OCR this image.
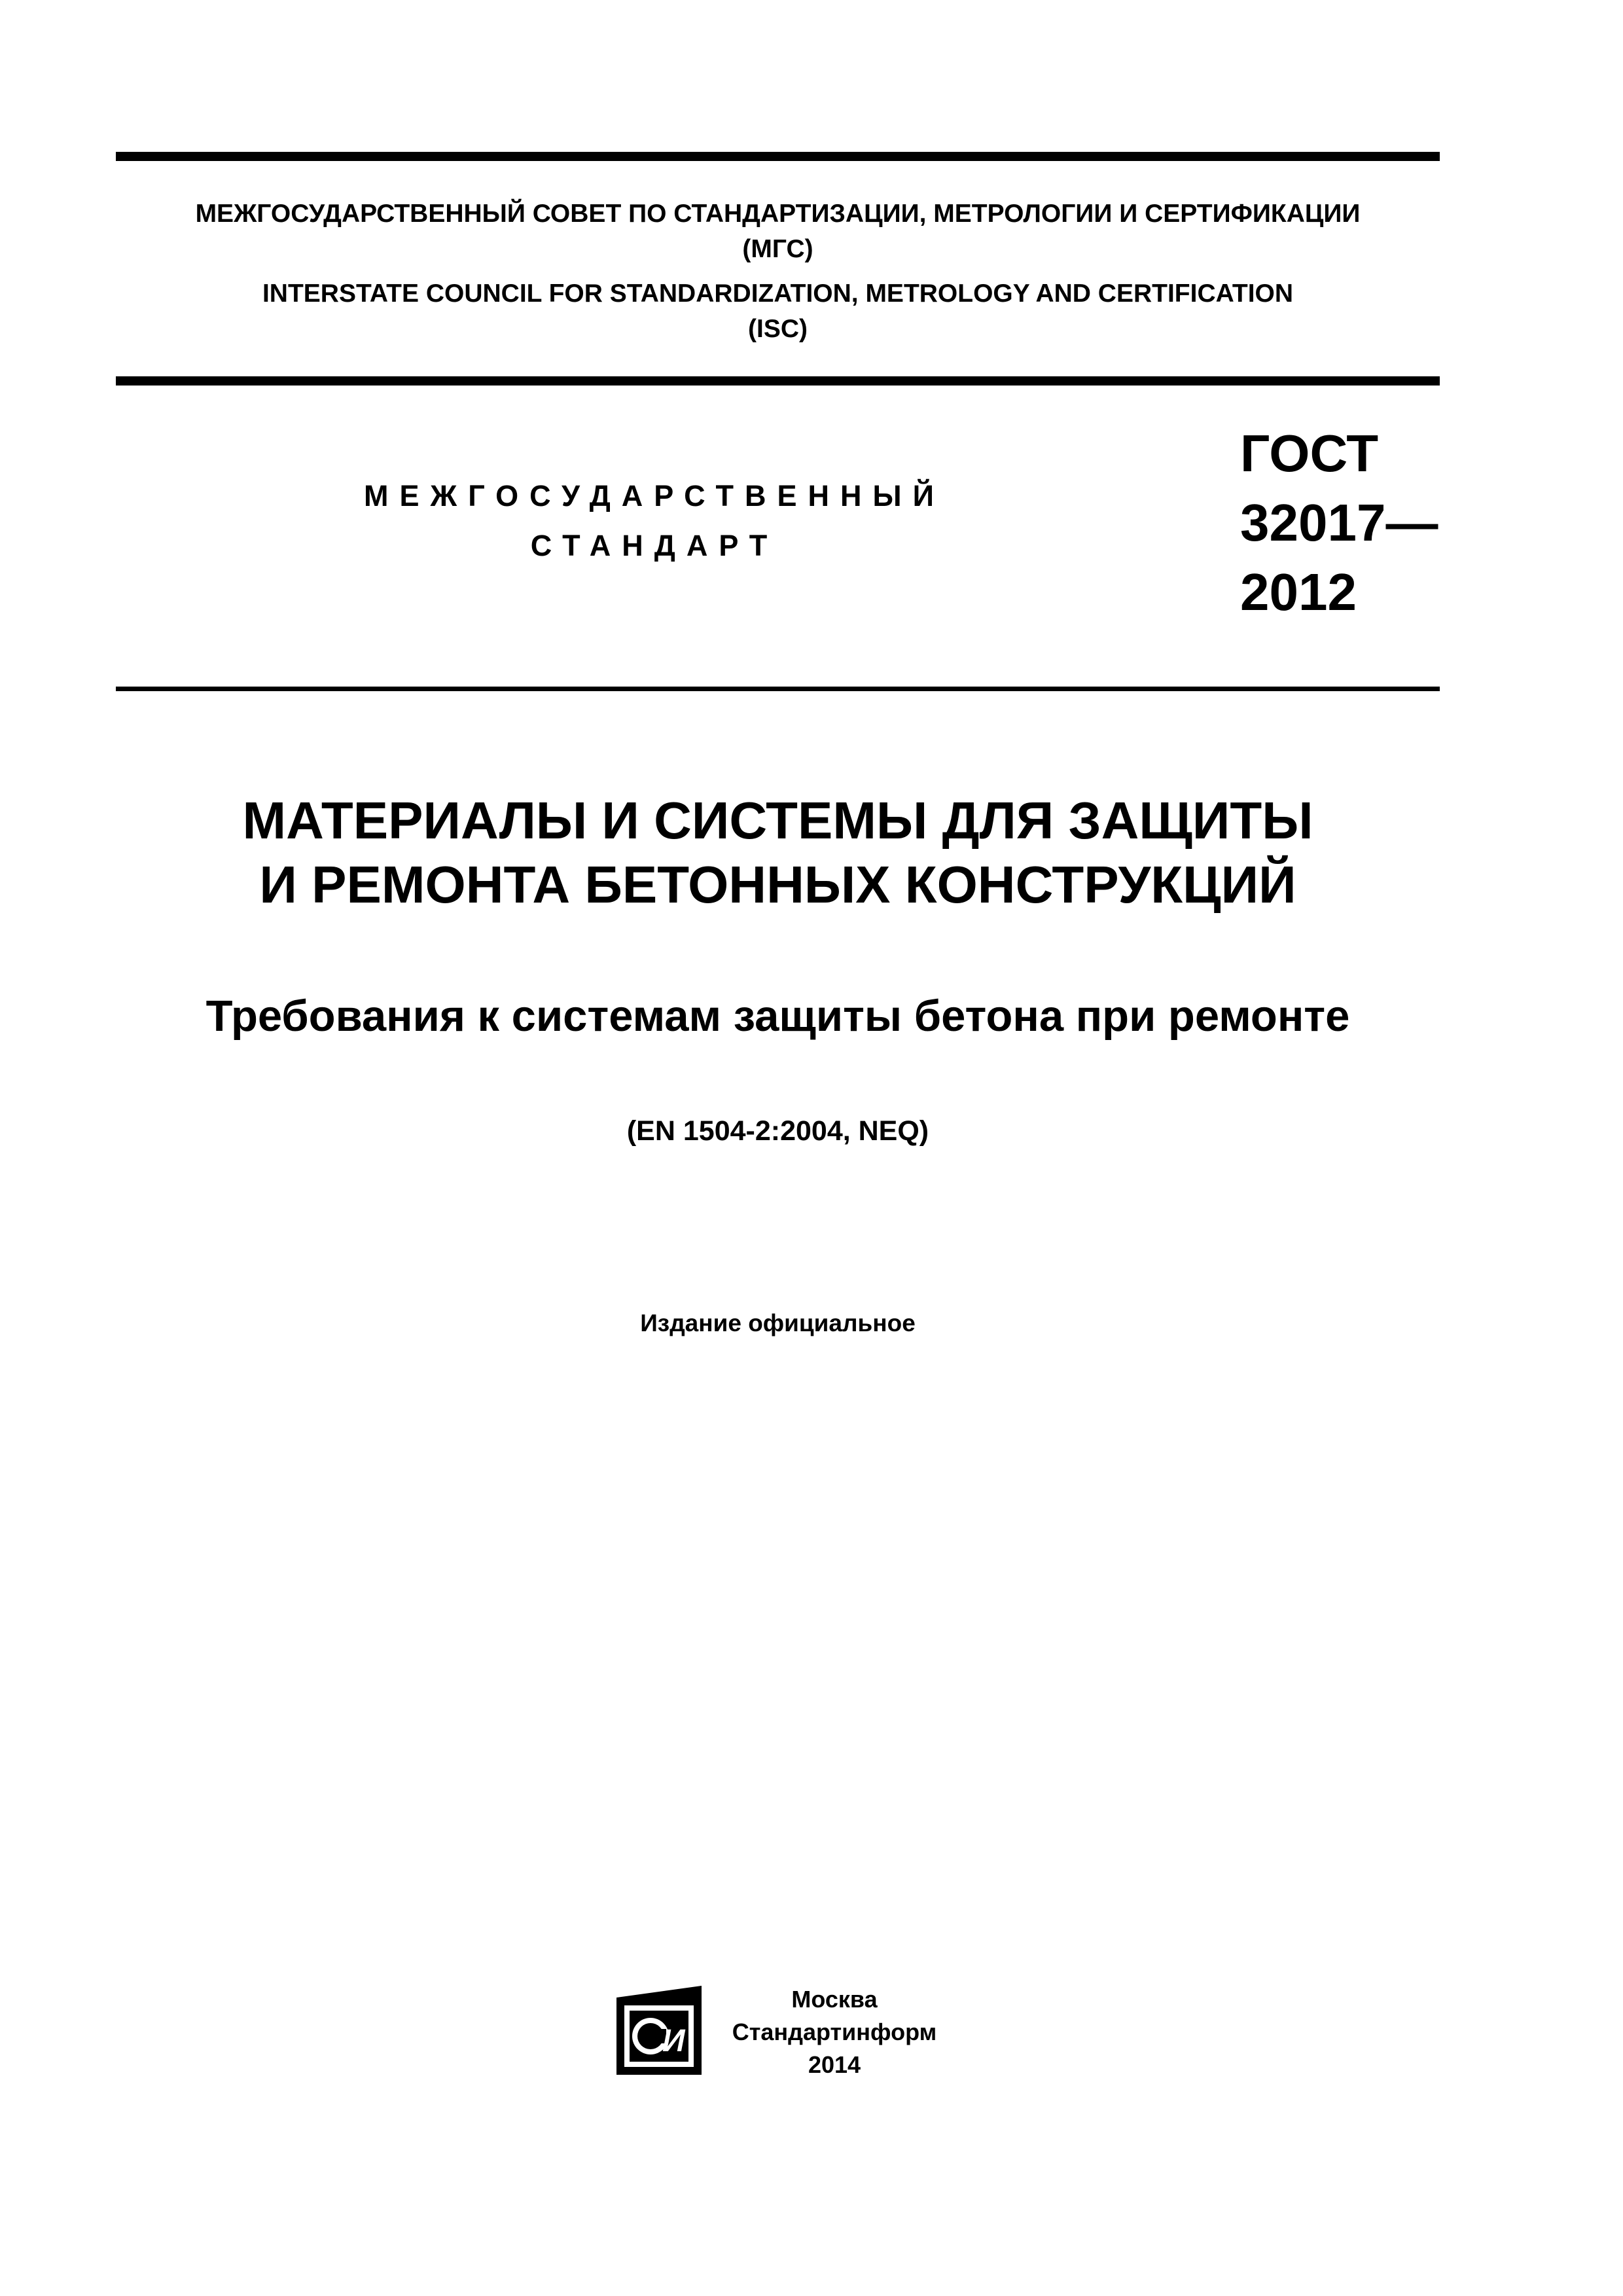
МЕЖГОСУДАРСТВЕННЫЙ СОВЕТ ПО СТАНДАРТИЗАЦИИ, МЕТРОЛОГИИ И СЕРТИФИКАЦИИ
(МГС)
INTERSTATE COUNCIL FOR STANDARDIZATION, METROLOGY AND CERTIFICATION
(ISC)
МЕЖГОСУДАРСТВЕННЫЙ
СТАНДАРТ
ГОСТ
32017—
2012
МАТЕРИАЛЫ И СИСТЕМЫ ДЛЯ ЗАЩИТЫ
И РЕМОНТА БЕТОННЫХ КОНСТРУКЦИЙ
Требования к системам защиты бетона при ремонте
(EN 1504-2:2004, NEQ)
Издание официальное
И
Москва
Стандартинформ
2014
